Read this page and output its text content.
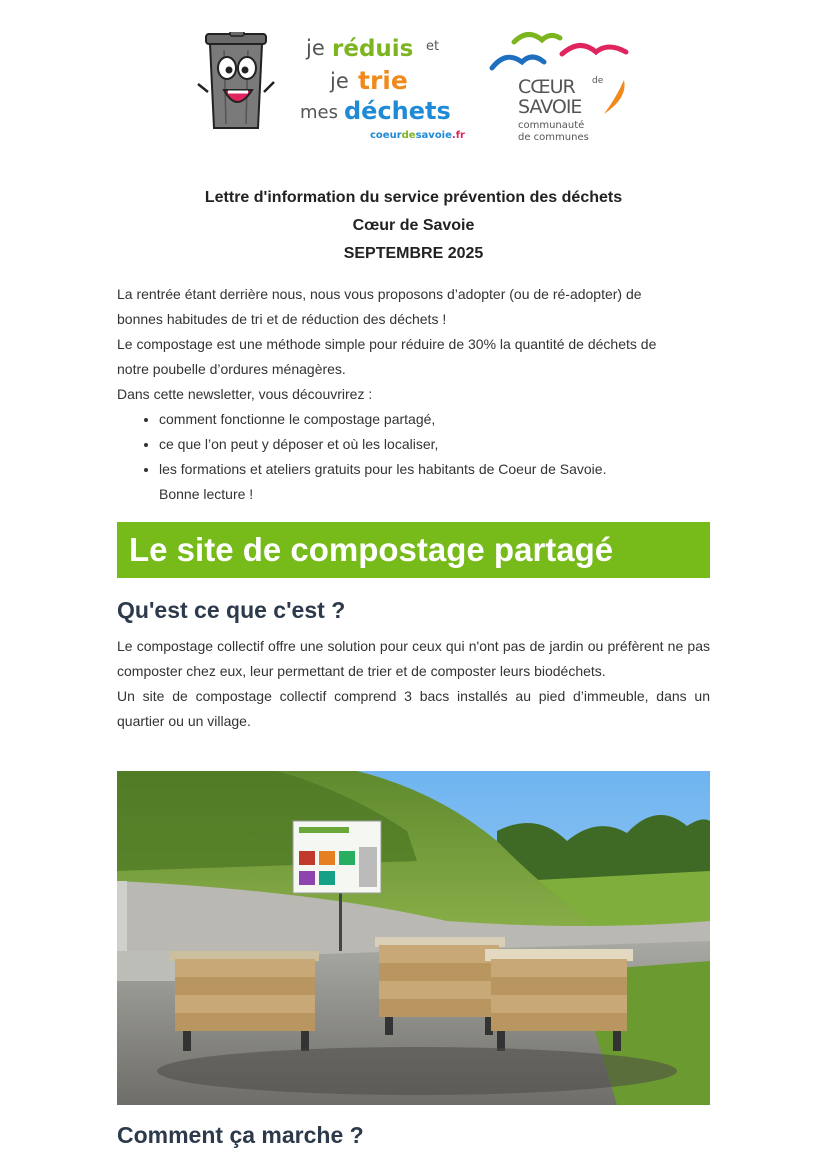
je réduis et
je trie
mes déchets
coeurdesavoie.fr
CŒUR de
SAVOIE
communauté
de communes
Lettre d'information du service prévention des déchets
Cœur de Savoie
SEPTEMBRE 2025

La rentrée étant derrière nous, nous vous proposons d’adopter (ou de ré-adopter) de bonnes habitudes de tri et de réduction des déchets !

Le compostage est une méthode simple pour réduire de 30% la quantité de déchets de notre poubelle d’ordures ménagères.

Dans cette newsletter, vous découvrirez :

• comment fonctionne le compostage partagé,
• ce que l’on peut y déposer et où les localiser,
• les formations et ateliers gratuits pour les habitants de Coeur de Savoie.
Bonne lecture !
Le site de compostage partagé
Qu'est ce que c'est ?

Le compostage collectif offre une solution pour ceux qui n'ont pas de jardin ou préfèrent ne pas composter chez eux, leur permettant de trier et de composter leurs biodéchets.

Un site de compostage collectif comprend 3 bacs installés au pied d’immeuble, dans un quartier ou un village.

Comment ça marche ?
